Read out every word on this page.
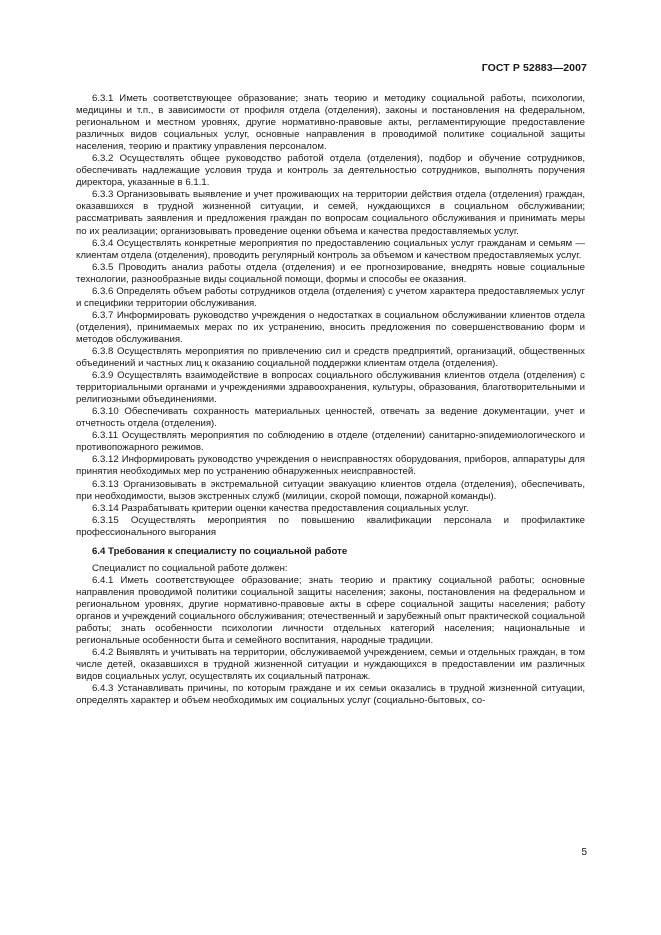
ГОСТ Р 52883—2007

6.3.1 Иметь соответствующее образование; знать теорию и методику социальной работы, психологии, медицины и т.п., в зависимости от профиля отдела (отделения), законы и постановления на федеральном, региональном и местном уровнях, другие нормативно-правовые акты, регламентирующие предоставление различных видов социальных услуг, основные направления в проводимой политике социальной защиты населения, теорию и практику управления персоналом.

6.3.2 Осуществлять общее руководство работой отдела (отделения), подбор и обучение сотрудников, обеспечивать надлежащие условия труда и контроль за деятельностью сотрудников, выполнять поручения директора, указанные в 6.1.1.

6.3.3 Организовывать выявление и учет проживающих на территории действия отдела (отделения) граждан, оказавшихся в трудной жизненной ситуации, и семей, нуждающихся в социальном обслуживании; рассматривать заявления и предложения граждан по вопросам социального обслуживания и принимать меры по их реализации; организовывать проведение оценки объема и качества предоставляемых услуг.

6.3.4 Осуществлять конкретные мероприятия по предоставлению социальных услуг гражданам и семьям — клиентам отдела (отделения), проводить регулярный контроль за объемом и качеством предоставляемых услуг.

6.3.5 Проводить анализ работы отдела (отделения) и ее прогнозирование, внедрять новые социальные технологии, разнообразные виды социальной помощи, формы и способы ее оказания.

6.3.6 Определять объем работы сотрудников отдела (отделения) с учетом характера предоставляемых услуг и специфики территории обслуживания.

6.3.7 Информировать руководство учреждения о недостатках в социальном обслуживании клиентов отдела (отделения), принимаемых мерах по их устранению, вносить предложения по совершенствованию форм и методов обслуживания.

6.3.8 Осуществлять мероприятия по привлечению сил и средств предприятий, организаций, общественных объединений и частных лиц к оказанию социальной поддержки клиентам отдела (отделения).

6.3.9 Осуществлять взаимодействие в вопросах социального обслуживания клиентов отдела (отделения) с территориальными органами и учреждениями здравоохранения, культуры, образования, благотворительными и религиозными объединениями.

6.3.10 Обеспечивать сохранность материальных ценностей, отвечать за ведение документации, учет и отчетность отдела (отделения).

6.3.11 Осуществлять мероприятия по соблюдению в отделе (отделении) санитарно-эпидемиологического и противопожарного режимов.

6.3.12 Информировать руководство учреждения о неисправностях оборудования, приборов, аппаратуры для принятия необходимых мер по устранению обнаруженных неисправностей.

6.3.13 Организовывать в экстремальной ситуации эвакуацию клиентов отдела (отделения), обеспечивать, при необходимости, вызов экстренных служб (милиции, скорой помощи, пожарной команды).

6.3.14 Разрабатывать критерии оценки качества предоставления социальных услуг.

6.3.15 Осуществлять мероприятия по повышению квалификации персонала и профилактике профессионального выгорания

6.4 Требования к специалисту по социальной работе

Специалист по социальной работе должен:

6.4.1 Иметь соответствующее образование; знать теорию и практику социальной работы; основные направления проводимой политики социальной защиты населения; законы, постановления на федеральном и региональном уровнях, другие нормативно-правовые акты в сфере социальной защиты населения; работу органов и учреждений социального обслуживания; отечественный и зарубежный опыт практической социальной работы; знать особенности психологии личности отдельных категорий населения; национальные и региональные особенности быта и семейного воспитания, народные традиции.

6.4.2 Выявлять и учитывать на территории, обслуживаемой учреждением, семьи и отдельных граждан, в том числе детей, оказавшихся в трудной жизненной ситуации и нуждающихся в предоставлении им различных видов социальных услуг, осуществлять их социальный патронаж.

6.4.3 Устанавливать причины, по которым граждане и их семьи оказались в трудной жизненной ситуации, определять характер и объем необходимых им социальных услуг (социально-бытовых, со-

5
